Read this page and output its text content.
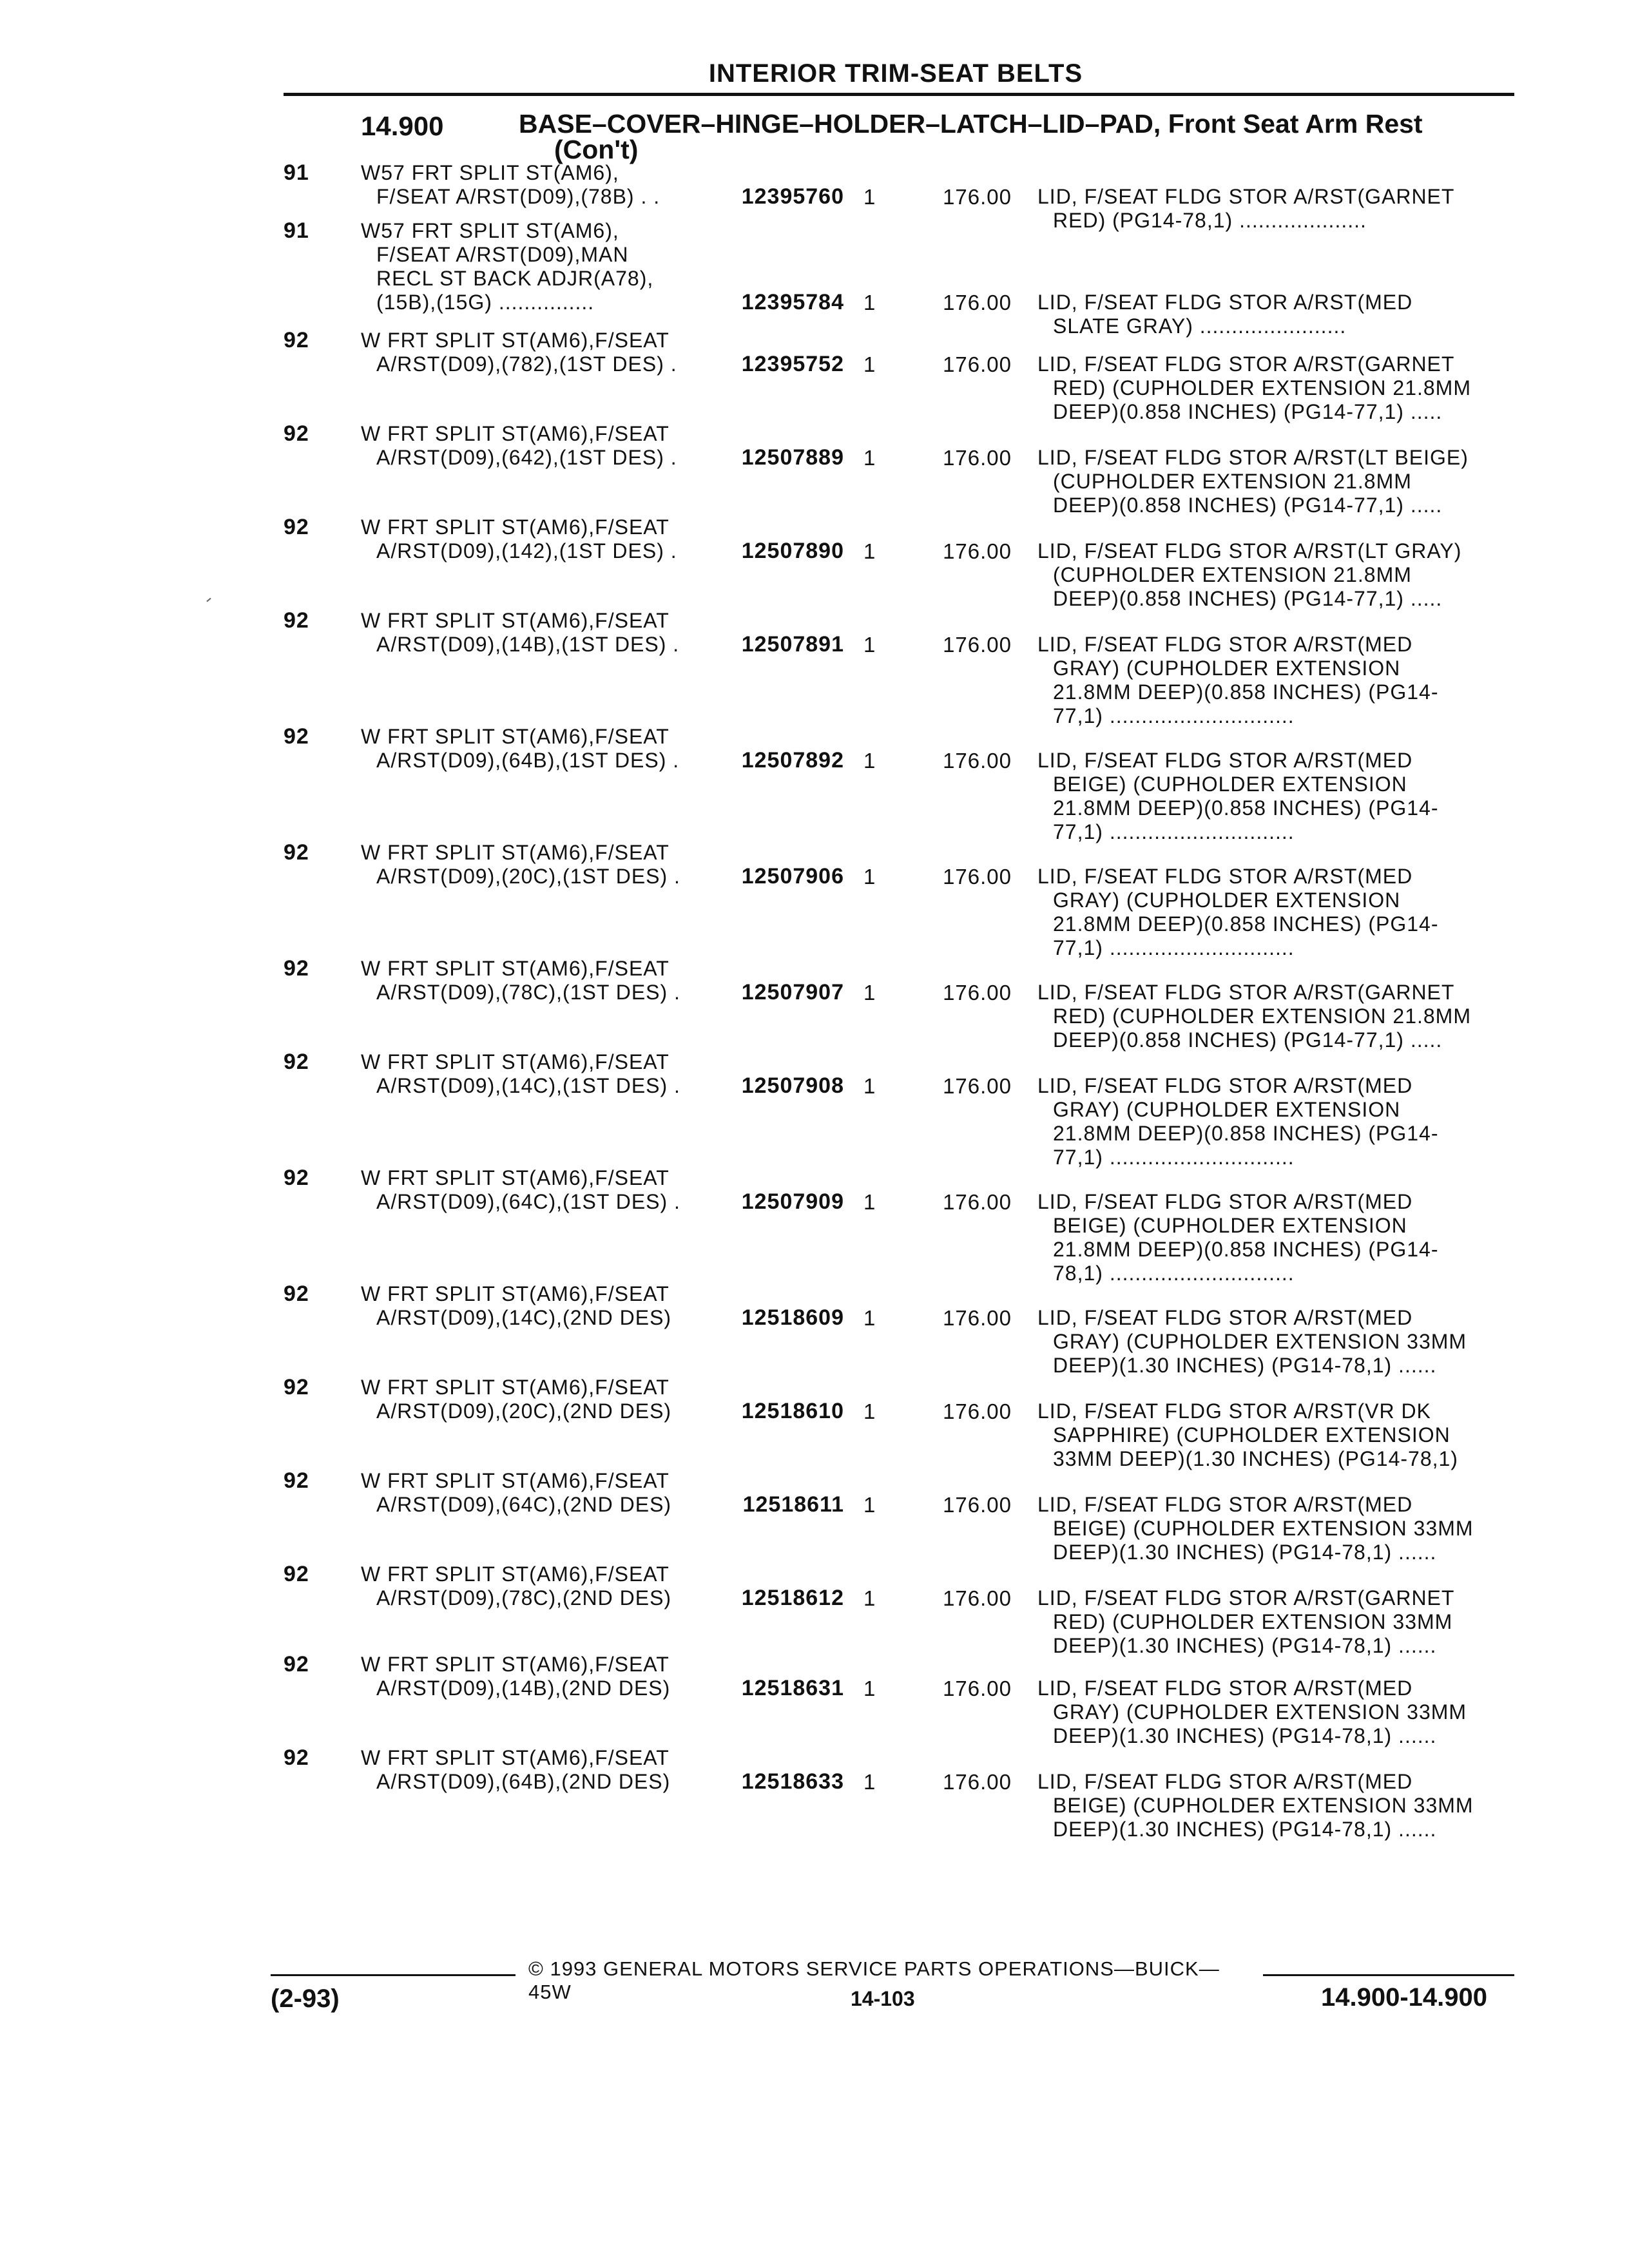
INTERIOR TRIM-SEAT BELTS
14.900	BASE–COVER–HINGE–HOLDER–LATCH–LID–PAD, Front Seat Arm Rest
(Con't)
91	W57 FRT SPLIT ST(AM6),
F/SEAT A/RST(D09),(78B) . .	12395760 1	176.00 LID, F/SEAT FLDG STOR A/RST(GARNET
RED) (PG14-78,1) ....................
91	W57 FRT SPLIT ST(AM6),
F/SEAT A/RST(D09),MAN
RECL ST BACK ADJR(A78),
(15B),(15G) ...............	12395784 1	176.00 LID, F/SEAT FLDG STOR A/RST(MED
SLATE GRAY) .......................
92	W FRT SPLIT ST(AM6),F/SEAT
A/RST(D09),(782),(1ST DES) .	12395752 1	176.00 LID, F/SEAT FLDG STOR A/RST(GARNET
RED) (CUPHOLDER EXTENSION 21.8MM
DEEP)(0.858 INCHES) (PG14-77,1) .....
92	W FRT SPLIT ST(AM6),F/SEAT
A/RST(D09),(642),(1ST DES) .	12507889 1	176.00 LID, F/SEAT FLDG STOR A/RST(LT BEIGE)
(CUPHOLDER EXTENSION 21.8MM
DEEP)(0.858 INCHES) (PG14-77,1) .....
92	W FRT SPLIT ST(AM6),F/SEAT
A/RST(D09),(142),(1ST DES) .	12507890 1	176.00 LID, F/SEAT FLDG STOR A/RST(LT GRAY)
(CUPHOLDER EXTENSION 21.8MM
DEEP)(0.858 INCHES) (PG14-77,1) .....
92	W FRT SPLIT ST(AM6),F/SEAT
A/RST(D09),(14B),(1ST DES) .	12507891 1	176.00 LID, F/SEAT FLDG STOR A/RST(MED
GRAY) (CUPHOLDER EXTENSION
21.8MM DEEP)(0.858 INCHES) (PG14-
77,1) .............................
92	W FRT SPLIT ST(AM6),F/SEAT
A/RST(D09),(64B),(1ST DES) .	12507892 1	176.00 LID, F/SEAT FLDG STOR A/RST(MED
BEIGE) (CUPHOLDER EXTENSION
21.8MM DEEP)(0.858 INCHES) (PG14-
77,1) .............................
92	W FRT SPLIT ST(AM6),F/SEAT
A/RST(D09),(20C),(1ST DES) .	12507906 1	176.00 LID, F/SEAT FLDG STOR A/RST(MED
GRAY) (CUPHOLDER EXTENSION
21.8MM DEEP)(0.858 INCHES) (PG14-
77,1) .............................
92	W FRT SPLIT ST(AM6),F/SEAT
A/RST(D09),(78C),(1ST DES) .	12507907 1	176.00 LID, F/SEAT FLDG STOR A/RST(GARNET
RED) (CUPHOLDER EXTENSION 21.8MM
DEEP)(0.858 INCHES) (PG14-77,1) .....
92	W FRT SPLIT ST(AM6),F/SEAT
A/RST(D09),(14C),(1ST DES) .	12507908 1	176.00 LID, F/SEAT FLDG STOR A/RST(MED
GRAY) (CUPHOLDER EXTENSION
21.8MM DEEP)(0.858 INCHES) (PG14-
77,1) .............................
92	W FRT SPLIT ST(AM6),F/SEAT
A/RST(D09),(64C),(1ST DES) .	12507909 1	176.00 LID, F/SEAT FLDG STOR A/RST(MED
BEIGE) (CUPHOLDER EXTENSION
21.8MM DEEP)(0.858 INCHES) (PG14-
78,1) .............................
92	W FRT SPLIT ST(AM6),F/SEAT
A/RST(D09),(14C),(2ND DES)	12518609 1	176.00 LID, F/SEAT FLDG STOR A/RST(MED
GRAY) (CUPHOLDER EXTENSION 33MM
DEEP)(1.30 INCHES) (PG14-78,1) ......
92	W FRT SPLIT ST(AM6),F/SEAT
A/RST(D09),(20C),(2ND DES)	12518610 1	176.00 LID, F/SEAT FLDG STOR A/RST(VR DK
SAPPHIRE) (CUPHOLDER EXTENSION
33MM DEEP)(1.30 INCHES) (PG14-78,1)
92	W FRT SPLIT ST(AM6),F/SEAT
A/RST(D09),(64C),(2ND DES)	12518611 1	176.00 LID, F/SEAT FLDG STOR A/RST(MED
BEIGE) (CUPHOLDER EXTENSION 33MM
DEEP)(1.30 INCHES) (PG14-78,1) ......
92	W FRT SPLIT ST(AM6),F/SEAT
A/RST(D09),(78C),(2ND DES)	12518612 1	176.00 LID, F/SEAT FLDG STOR A/RST(GARNET
RED) (CUPHOLDER EXTENSION 33MM
DEEP)(1.30 INCHES) (PG14-78,1) ......
92	W FRT SPLIT ST(AM6),F/SEAT
A/RST(D09),(14B),(2ND DES)	12518631 1	176.00 LID, F/SEAT FLDG STOR A/RST(MED
GRAY) (CUPHOLDER EXTENSION 33MM
DEEP)(1.30 INCHES) (PG14-78,1) ......
92	W FRT SPLIT ST(AM6),F/SEAT
A/RST(D09),(64B),(2ND DES)	12518633 1	176.00 LID, F/SEAT FLDG STOR A/RST(MED
BEIGE) (CUPHOLDER EXTENSION 33MM
DEEP)(1.30 INCHES) (PG14-78,1) ......
© 1993 GENERAL MOTORS SERVICE PARTS OPERATIONS—BUICK—45W
(2-93)	14-103	14.900-14.900
